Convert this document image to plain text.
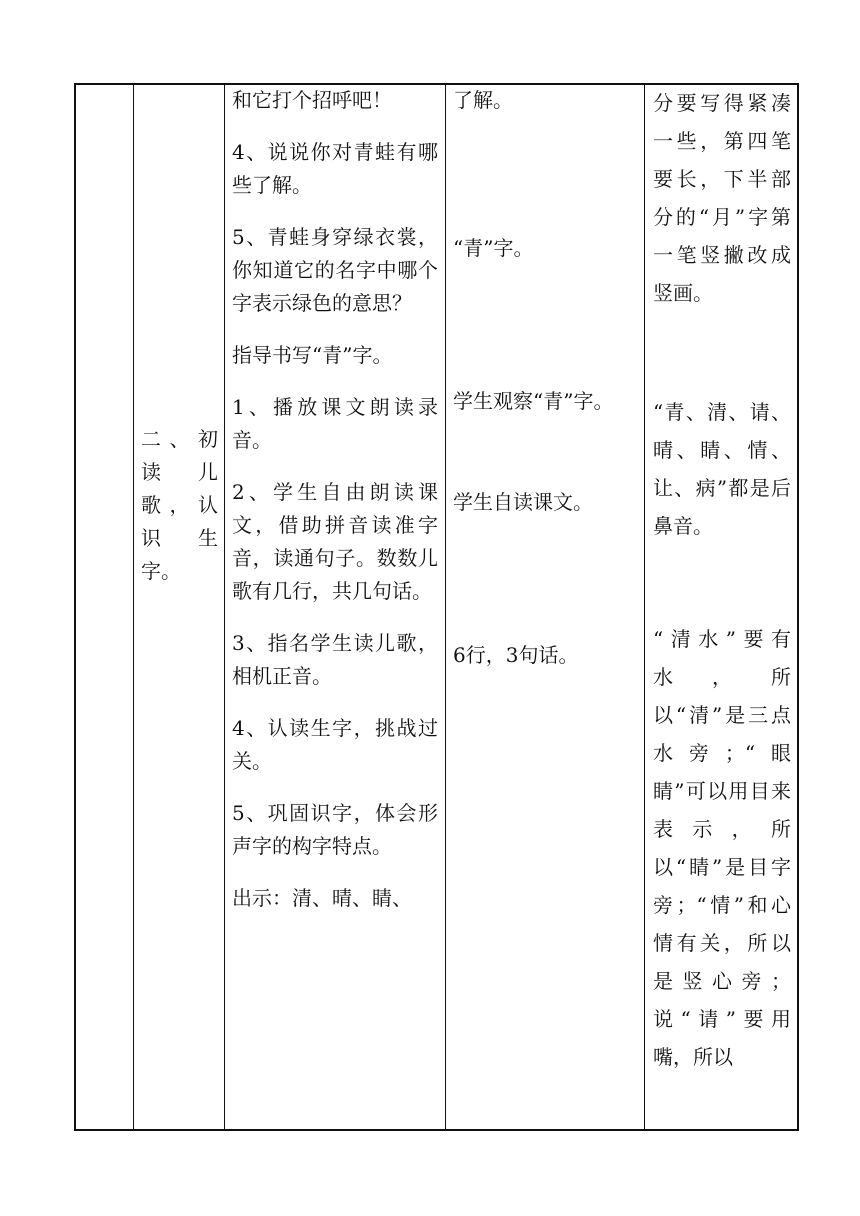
二、初

读　儿

歌，认

识　生

字。

和它打个招呼吧！

4、说说你对青蛙有哪些了解。

5、青蛙身穿绿衣裳，你知道它的名字中哪个字表示绿色的意思？

指导书写“青”字。

1、播放课文朗读录音。

2、学生自由朗读课文，借助拼音读准字音，读通句子。数数儿歌有几行，共几句话。

3、指名学生读儿歌，相机正音。

4、认读生字，挑战过关。

5、巩固识字，体会形声字的构字特点。

出示：清、晴、睛、

了解。

“青”字。

学生观察“青”字。

学生自读课文。

6行，3句话。

分要写得紧凑一些，第四笔要长，下半部分的“月”字第一笔竖撇改成竖画。

“青、清、请、晴、睛、情、让、病”都是后鼻音。

“清水”要有水，所以“清”是三点水旁；“眼睛”可以用目来表示，所以“睛”是目字旁；“情”和心情有关，所以是竖心旁；说“请”要用嘴，所以
